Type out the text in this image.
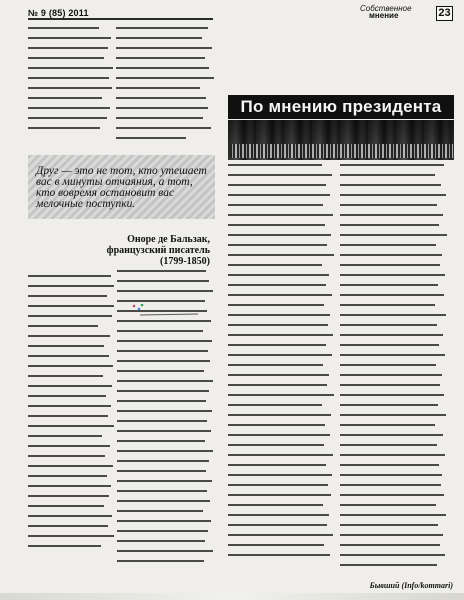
№ 9 (85) 2011	Собственное
мнение	23
По мнению президента
Друг — это не тот, кто утешает вас в минуты отчаяния, а тот, кто вовремя остановит вас мелочные поступки.
Оноре де Бальзак, французский писатель (1799-1850)
Бывший (Info/kommari)
